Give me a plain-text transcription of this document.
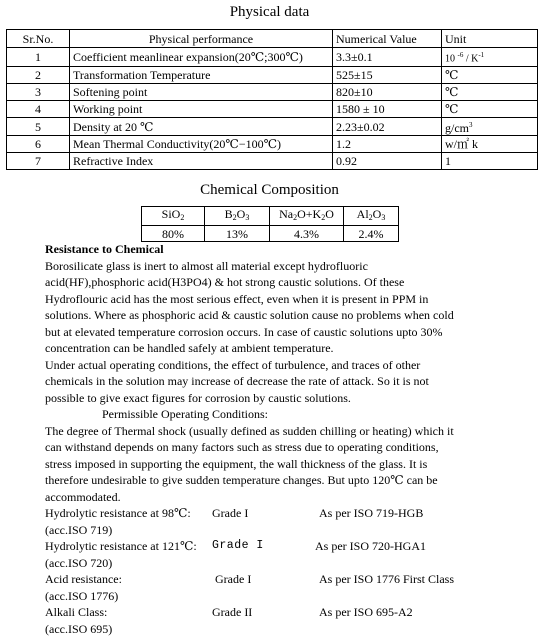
Physical data
Sr.No.	Physical performance	Numerical Value	Unit
1	Coefficient meanlinear expansion(20℃;300℃)	3.3±0.1	10 $^{-6} / K^{-1}$
2	Transformation Temperature	525±15	℃
3	Softening point	820±10	℃
4	Working point	1580 ± 10	℃
5	Density at 20 ℃	2.23±0.02	$g/cm^3$
6	Mean Thermal Conductivity(20℃−100℃)	1.2	w/㎡ k
7	Refractive Index	0.92	1
Chemical Composition
SiO$_2$	$B_2O_3$	$Na_2O+K_2O$	$Al_2O_3$
80%	13%	4.3%	2.4%

Resistance to Chemical

Borosilicate glass is inert to almost all material except hydrofluoric

acid(HF),phosphoric acid(H3PO4) & hot strong caustic solutions. Of these

Hydroflouric acid has the most serious effect, even when it is present in PPM in

solutions. Where as phosphoric acid & caustic solution cause no problems when cold

but at elevated temperature corrosion occurs. In case of caustic solutions upto 30%

concentration can be handled safely at ambient temperature.

Under actual operating conditions, the effect of turbulence, and traces of other

chemicals in the solution may increase of decrease the rate of attack. So it is not

possible to give exact figures for corrosion by caustic solutions.

Permissible Operating Conditions:

The degree of Thermal shock (usually defined as sudden chilling or heating) which it

can withstand depends on many factors such as stress due to operating conditions,

stress imposed in supporting the equipment, the wall thickness of the glass. It is

therefore undesirable to give sudden temperature changes. But upto 120℃ can be

accommodated.

Hydrolytic resistance at 98℃: Grade I	As per ISO 719-HGB

(acc.ISO 719)

Hydrolytic resistance at 121℃: Grade I	As per ISO 720-HGA1

(acc.ISO 720)

Acid resistance:	Grade I	As per ISO 1776 First Class

(acc.ISO 1776)

Alkali Class:	Grade II	As per ISO 695-A2

(acc.ISO 695)
